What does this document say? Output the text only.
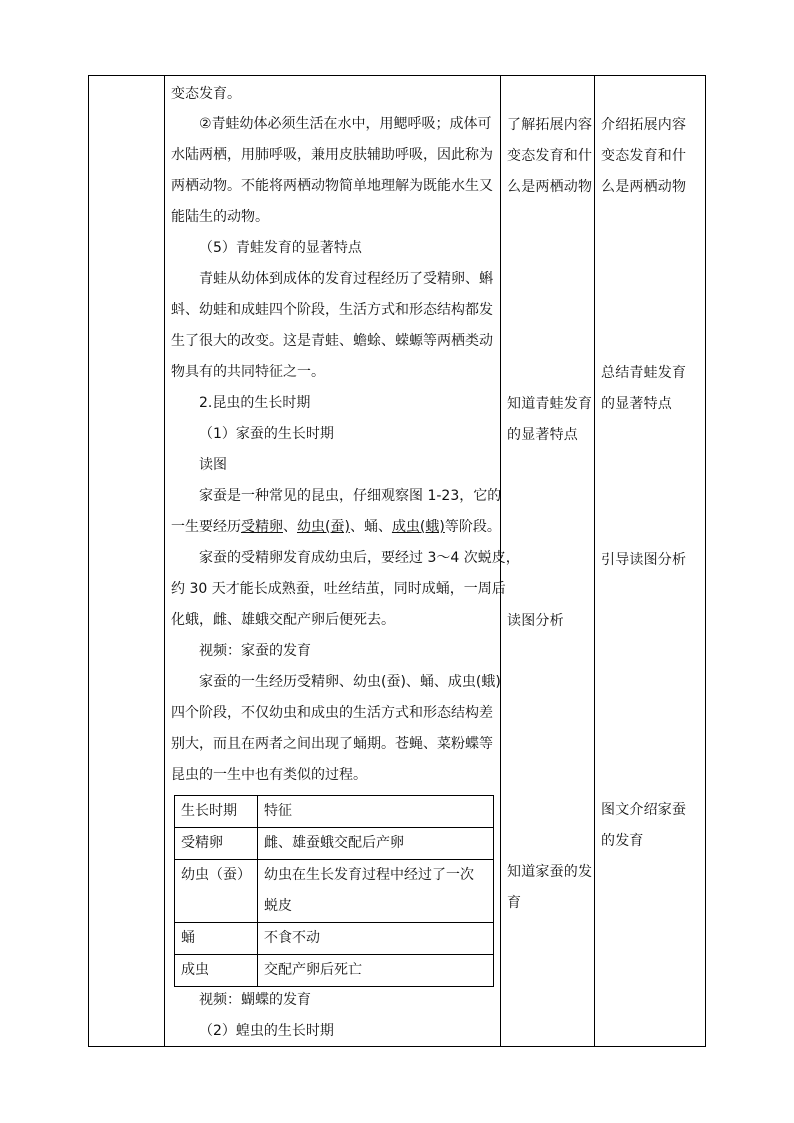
变态发育。
②青蛙幼体必须生活在水中，用鳃呼吸；成体可
水陆两栖，用肺呼吸，兼用皮肤辅助呼吸，因此称为
两栖动物。不能将两栖动物简单地理解为既能水生又
能陆生的动物。
（5）青蛙发育的显著特点
青蛙从幼体到成体的发育过程经历了受精卵、蝌
蚪、幼蛙和成蛙四个阶段，生活方式和形态结构都发
生了很大的改变。这是青蛙、蟾蜍、蝾螈等两栖类动
物具有的共同特征之一。
2.昆虫的生长时期
（1）家蚕的生长时期
读图
家蚕是一种常见的昆虫，仔细观察图 1-23，它的
一生要经历受精卵、幼虫(蚕)、蛹、成虫(蛾)等阶段。
家蚕的受精卵发育成幼虫后，要经过 3～4 次蜕皮，
约 30 天才能长成熟蚕，吐丝结茧，同时成蛹，一周后
化蛾，雌、雄蛾交配产卵后便死去。
视频：家蚕的发育
家蚕的一生经历受精卵、幼虫(蚕)、蛹、成虫(蛾)
四个阶段，不仅幼虫和成虫的生活方式和形态结构差
别大，而且在两者之间出现了蛹期。苍蝇、菜粉蝶等
昆虫的一生中也有类似的过程。
生长时期	特征
受精卵	雌、雄蚕蛾交配后产卵
幼虫（蚕）	幼虫在生长发育过程中经过了一次蜕皮
蛹	不食不动
成虫	交配产卵后死亡
视频：蝴蝶的发育
（2）蝗虫的生长时期
了解拓展内容变态发育和什么是两栖动物
知道青蛙发育的显著特点
读图分析
知道家蚕的发育
介绍拓展内容变态发育和什么是两栖动物
总结青蛙发育的显著特点
引导读图分析
图文介绍家蚕的发育
